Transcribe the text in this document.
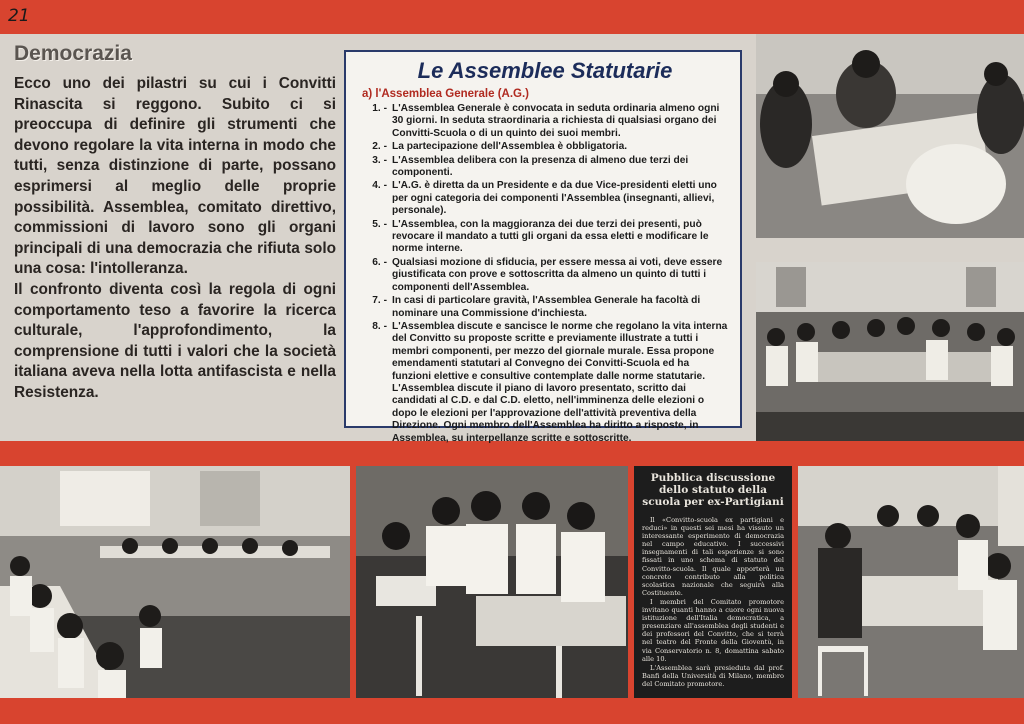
21
Democrazia

Ecco uno dei pilastri su cui i Convitti Rinascita si reggono. Subito ci si preoccupa di definire gli strumenti che devono regolare la vita interna in modo che tutti, senza distinzione di parte, possano esprimersi al meglio delle proprie possibilità. Assemblea, comitato direttivo, commissioni di lavoro sono gli organi principali di una democrazia che rifiuta solo una cosa: l'intolleranza.

Il confronto diventa così la regola di ogni comportamento teso a favorire la ricerca culturale, l'approfondimento, la comprensione di tutti i valori che la società italiana aveva nella lotta antifascista e nella Resistenza.

Le Assemblee Statutarie
a) l'Assemblea Generale (A.G.)
1. - L'Assemblea Generale è convocata in seduta ordinaria almeno ogni 30 giorni. In seduta straordinaria a richiesta di qualsiasi organo dei Convitti-Scuola o di un quinto dei suoi membri.
2. - La partecipazione dell'Assemblea è obbligatoria.
3. - L'Assemblea delibera con la presenza di almeno due terzi dei componenti.
4. - L'A.G. è diretta da un Presidente e da due Vice-presidenti eletti uno per ogni categoria dei componenti l'Assemblea (insegnanti, allievi, personale).
5. - L'Assemblea, con la maggioranza dei due terzi dei presenti, può revocare il mandato a tutti gli organi da essa eletti e modificare le norme interne.
6. - Qualsiasi mozione di sfiducia, per essere messa ai voti, deve essere giustificata con prove e sottoscritta da almeno un quinto di tutti i componenti dell'Assemblea.
7. - In casi di particolare gravità, l'Assemblea Generale ha facoltà di nominare una Commissione d'inchiesta.
8. - L'Assemblea discute e sancisce le norme che regolano la vita interna del Convitto su proposte scritte e previamente illustrate a tutti i membri componenti, per mezzo del giornale murale. Essa propone emendamenti statutari al Convegno dei Convitti-Scuola ed ha funzioni elettive e consultive contemplate dalle norme statutarie. L'Assemblea discute il piano di lavoro presentato, scritto dai candidati al C.D. e dal C.D. eletto, nell'imminenza delle elezioni o dopo le elezioni per l'approvazione dell'attività preventiva della Direzione. Ogni membro dell'Assemblea ha diritto a risposte, in Assemblea, su interpellanze scritte e sottoscritte.
Pubblica discussione dello statuto della scuola per ex-Partigiani

Il «Convitto-scuola ex partigiani e reduci» in questi sei mesi ha vissuto un interessante esperimento di democrazia nel campo educativo. I successivi insegnamenti di tali esperienze si sono fissati in uno schema di statuto del Convitto-scuola. Il quale apporterà un concreto contributo alla politica scolastica nazionale che seguirà alla Costituente.

I membri del Comitato promotore invitano quanti hanno a cuore ogni nuova istituzione dell'Italia democratica, a presenziare all'assemblea degli studenti e dei professori del Convitto, che si terrà nel teatro del Fronte della Gioventù, in via Conservatorio n. 8, domattina sabato alle 10.

L'Assemblea sarà presieduta dal prof. Banfi della Università di Milano, membro del Comitato promotore.
